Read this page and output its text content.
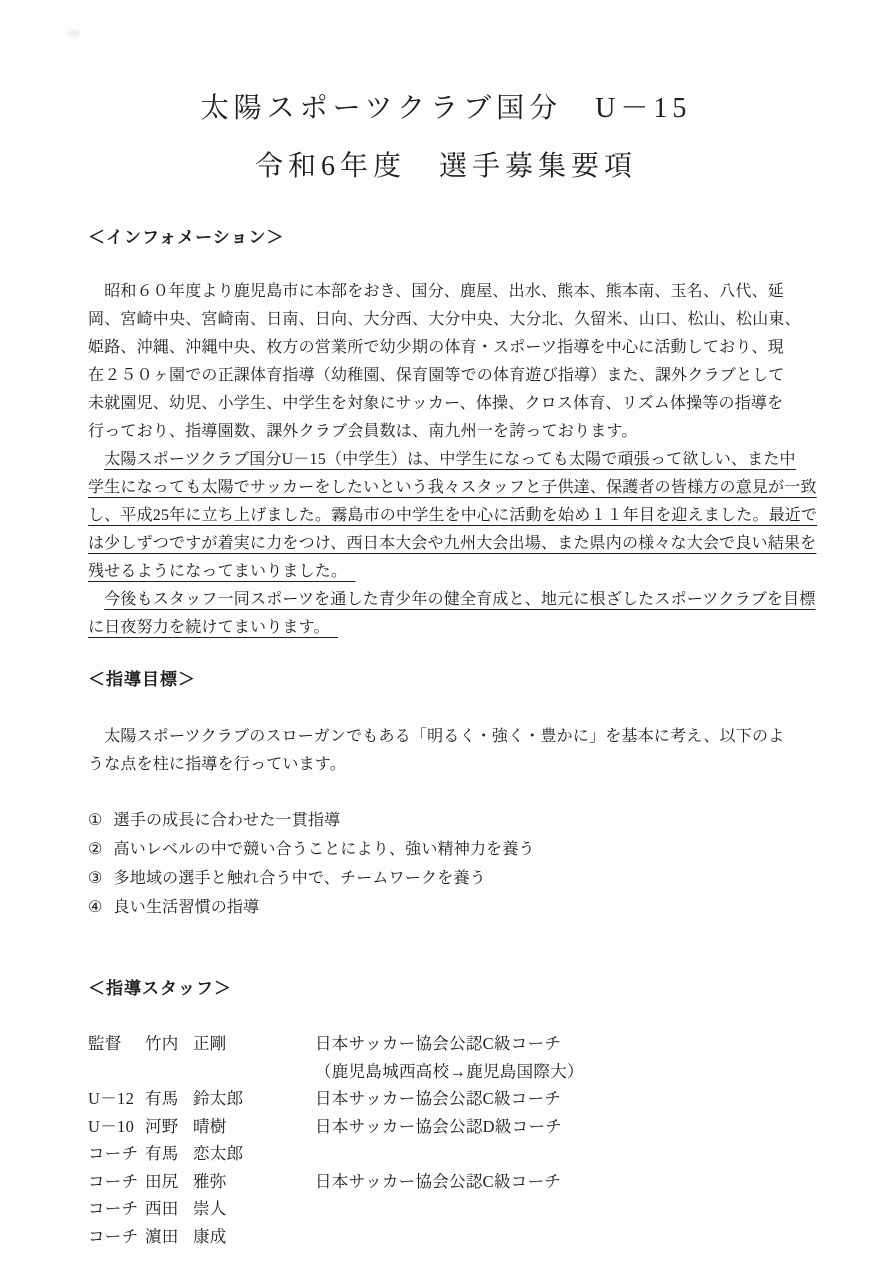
太陽スポーツクラブ国分　U－15
令和6年度　選手募集要項
＜インフォメーション＞
　昭和６０年度より鹿児島市に本部をおき、国分、鹿屋、出水、熊本、熊本南、玉名、八代、延
岡、宮崎中央、宮崎南、日南、日向、大分西、大分中央、大分北、久留米、山口、松山、松山東、
姫路、沖縄、沖縄中央、枚方の営業所で幼少期の体育・スポーツ指導を中心に活動しており、現
在２５０ヶ園での正課体育指導（幼稚園、保育園等での体育遊び指導）また、課外クラブとして
未就園児、幼児、小学生、中学生を対象にサッカー、体操、クロス体育、リズム体操等の指導を
行っており、指導園数、課外クラブ会員数は、南九州一を誇っております。
　太陽スポーツクラブ国分U－15（中学生）は、中学生になっても太陽で頑張って欲しい、また中
学生になっても太陽でサッカーをしたいという我々スタッフと子供達、保護者の皆様方の意見が一致
し、平成25年に立ち上げました。霧島市の中学生を中心に活動を始め１１年目を迎えました。最近で
は少しずつですが着実に力をつけ、西日本大会や九州大会出場、また県内の様々な大会で良い結果を
残せるようになってまいりました。　
　今後もスタッフ一同スポーツを通した青少年の健全育成と、地元に根ざしたスポーツクラブを目標
に日夜努力を続けてまいります。　
＜指導目標＞
　太陽スポーツクラブのスローガンでもある「明るく・強く・豊かに」を基本に考え、以下のよ
うな点を柱に指導を行っています。
① 選手の成長に合わせた一貫指導
② 高いレベルの中で競い合うことにより、強い精神力を養う
③ 多地域の選手と触れ合う中で、チームワークを養う
④ 良い生活習慣の指導
＜指導スタッフ＞
監督	竹内 正剛	日本サッカー協会公認C級コーチ
（鹿児島城西高校→鹿児島国際大）
U－12 有馬 鈴太郎	日本サッカー協会公認C級コーチ
U－10 河野 晴樹	日本サッカー協会公認D級コーチ
コーチ 有馬 恋太郎
コーチ 田尻 雅弥	日本サッカー協会公認C級コーチ
コーチ 西田 崇人
コーチ 濵田 康成
